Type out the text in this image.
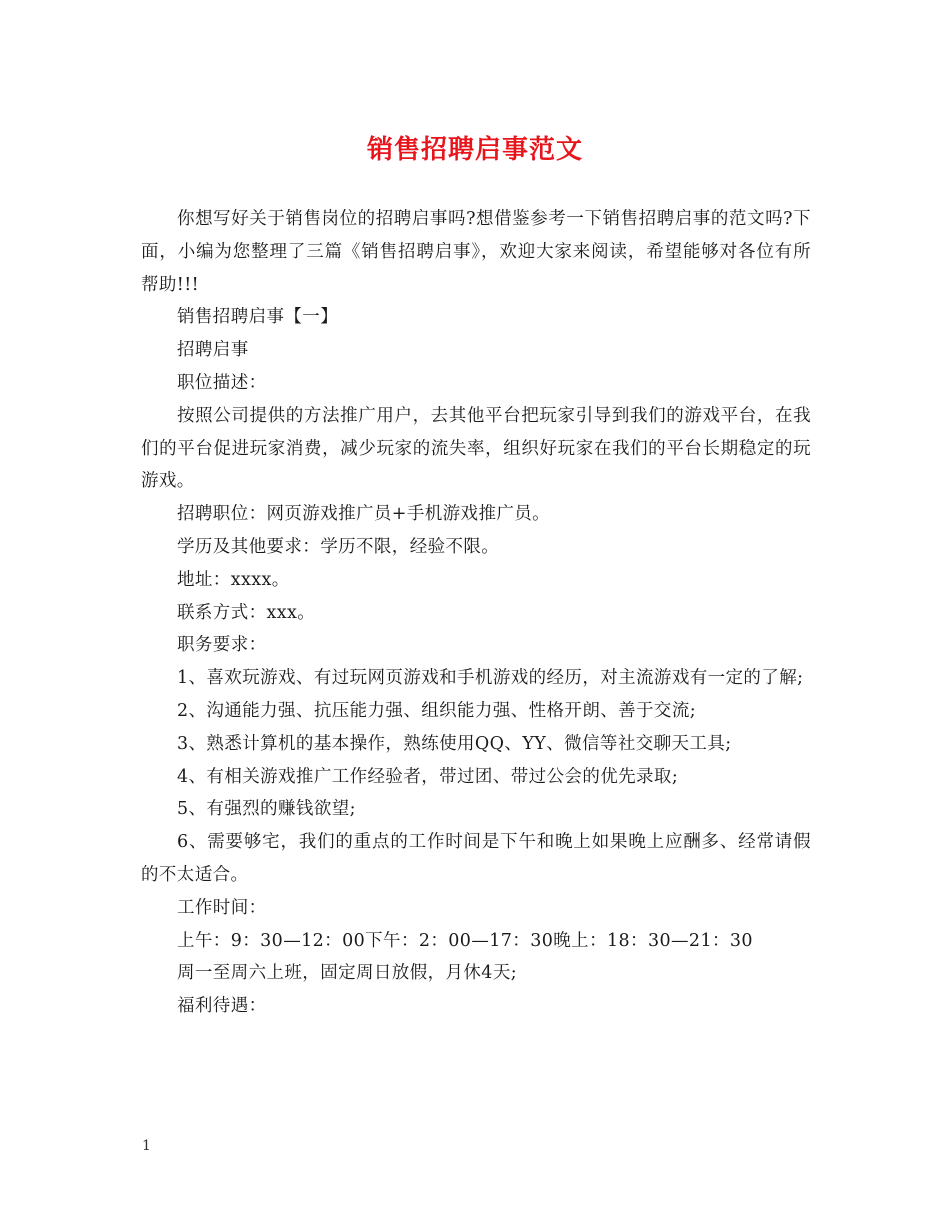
销售招聘启事范文

你想写好关于销售岗位的招聘启事吗?想借鉴参考一下销售招聘启事的范文吗?下面，小编为您整理了三篇《销售招聘启事》，欢迎大家来阅读，希望能够对各位有所帮助!!!

销售招聘启事【一】

招聘启事

职位描述：

按照公司提供的方法推广用户，去其他平台把玩家引导到我们的游戏平台，在我们的平台促进玩家消费，减少玩家的流失率，组织好玩家在我们的平台长期稳定的玩游戏。

招聘职位：网页游戏推广员+手机游戏推广员。

学历及其他要求：学历不限，经验不限。

地址：xxxx。

联系方式：xxx。

职务要求：

1、喜欢玩游戏、有过玩网页游戏和手机游戏的经历，对主流游戏有一定的了解;

2、沟通能力强、抗压能力强、组织能力强、性格开朗、善于交流;

3、熟悉计算机的基本操作，熟练使用QQ、YY、微信等社交聊天工具;

4、有相关游戏推广工作经验者，带过团、带过公会的优先录取;

5、有强烈的赚钱欲望;

6、需要够宅，我们的重点的工作时间是下午和晚上如果晚上应酬多、经常请假的不太适合。

工作时间：

上午：9：30—12：00下午：2：00—17：30晚上：18：30—21：30

周一至周六上班，固定周日放假，月休4天;

福利待遇：

1
